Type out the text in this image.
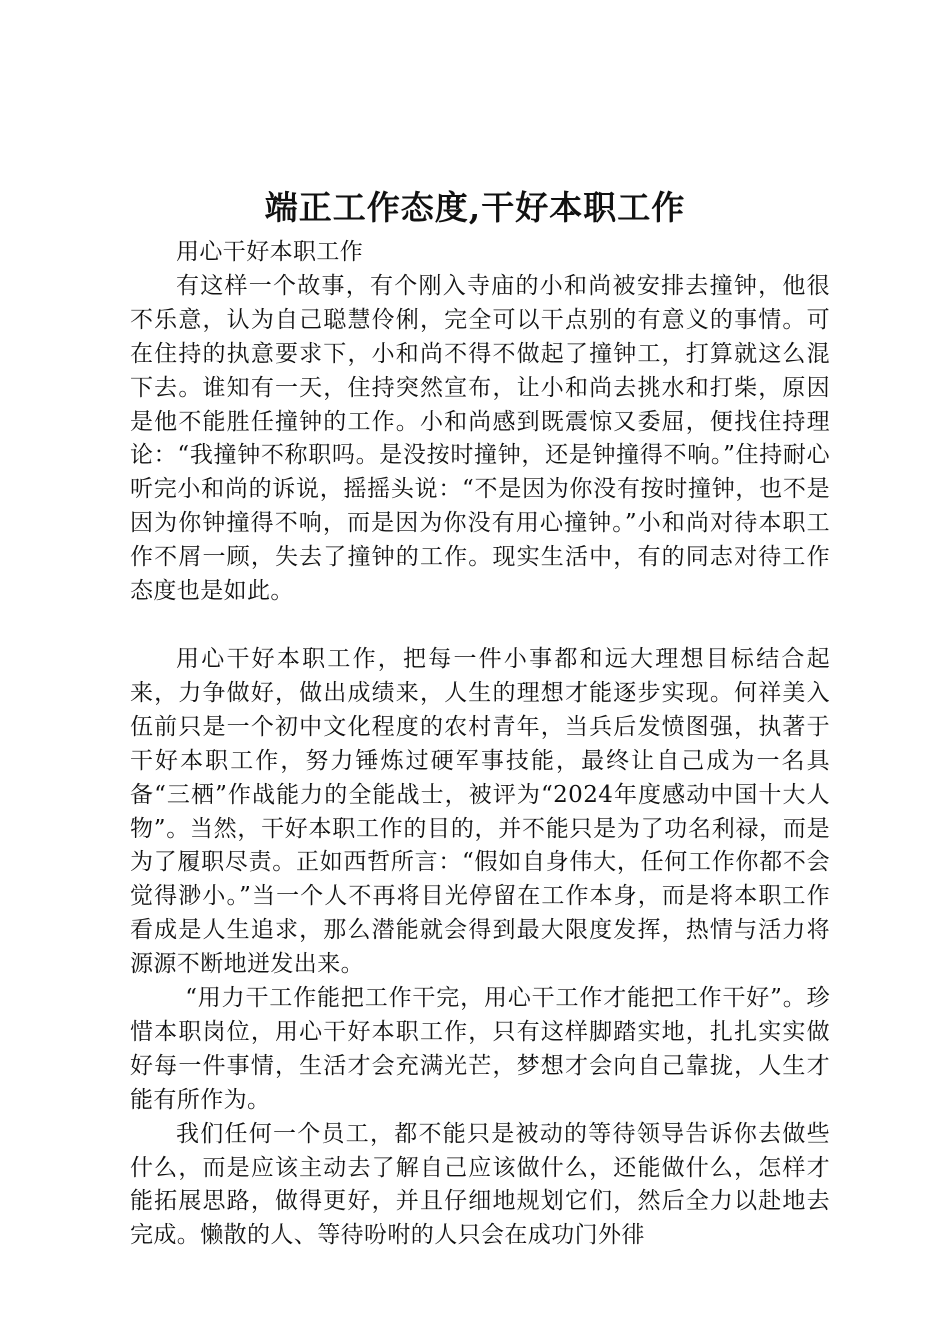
端正工作态度,干好本职工作

用心干好本职工作

有这样一个故事，有个刚入寺庙的小和尚被安排去撞钟，他很不乐意，认为自己聪慧伶俐，完全可以干点别的有意义的事情。可在住持的执意要求下，小和尚不得不做起了撞钟工，打算就这么混下去。谁知有一天，住持突然宣布，让小和尚去挑水和打柴，原因是他不能胜任撞钟的工作。小和尚感到既震惊又委屈，便找住持理论：“我撞钟不称职吗。是没按时撞钟，还是钟撞得不响。”住持耐心听完小和尚的诉说，摇摇头说：“不是因为你没有按时撞钟，也不是因为你钟撞得不响，而是因为你没有用心撞钟。”小和尚对待本职工作不屑一顾，失去了撞钟的工作。现实生活中，有的同志对待工作态度也是如此。

用心干好本职工作，把每一件小事都和远大理想目标结合起来，力争做好，做出成绩来，人生的理想才能逐步实现。何祥美入伍前只是一个初中文化程度的农村青年，当兵后发愤图强，执著于干好本职工作，努力锤炼过硬军事技能，最终让自己成为一名具备“三栖”作战能力的全能战士，被评为“2024年度感动中国十大人物”。当然，干好本职工作的目的，并不能只是为了功名利禄，而是为了履职尽责。正如西哲所言：“假如自身伟大，任何工作你都不会觉得渺小。”当一个人不再将目光停留在工作本身，而是将本职工作看成是人生追求，那么潜能就会得到最大限度发挥，热情与活力将源源不断地迸发出来。

“用力干工作能把工作干完，用心干工作才能把工作干好”。珍惜本职岗位，用心干好本职工作，只有这样脚踏实地，扎扎实实做好每一件事情，生活才会充满光芒，梦想才会向自己靠拢，人生才能有所作为。

我们任何一个员工，都不能只是被动的等待领导告诉你去做些什么，而是应该主动去了解自己应该做什么，还能做什么，怎样才能拓展思路，做得更好，并且仔细地规划它们，然后全力以赴地去完成。懒散的人、等待吩咐的人只会在成功门外徘
